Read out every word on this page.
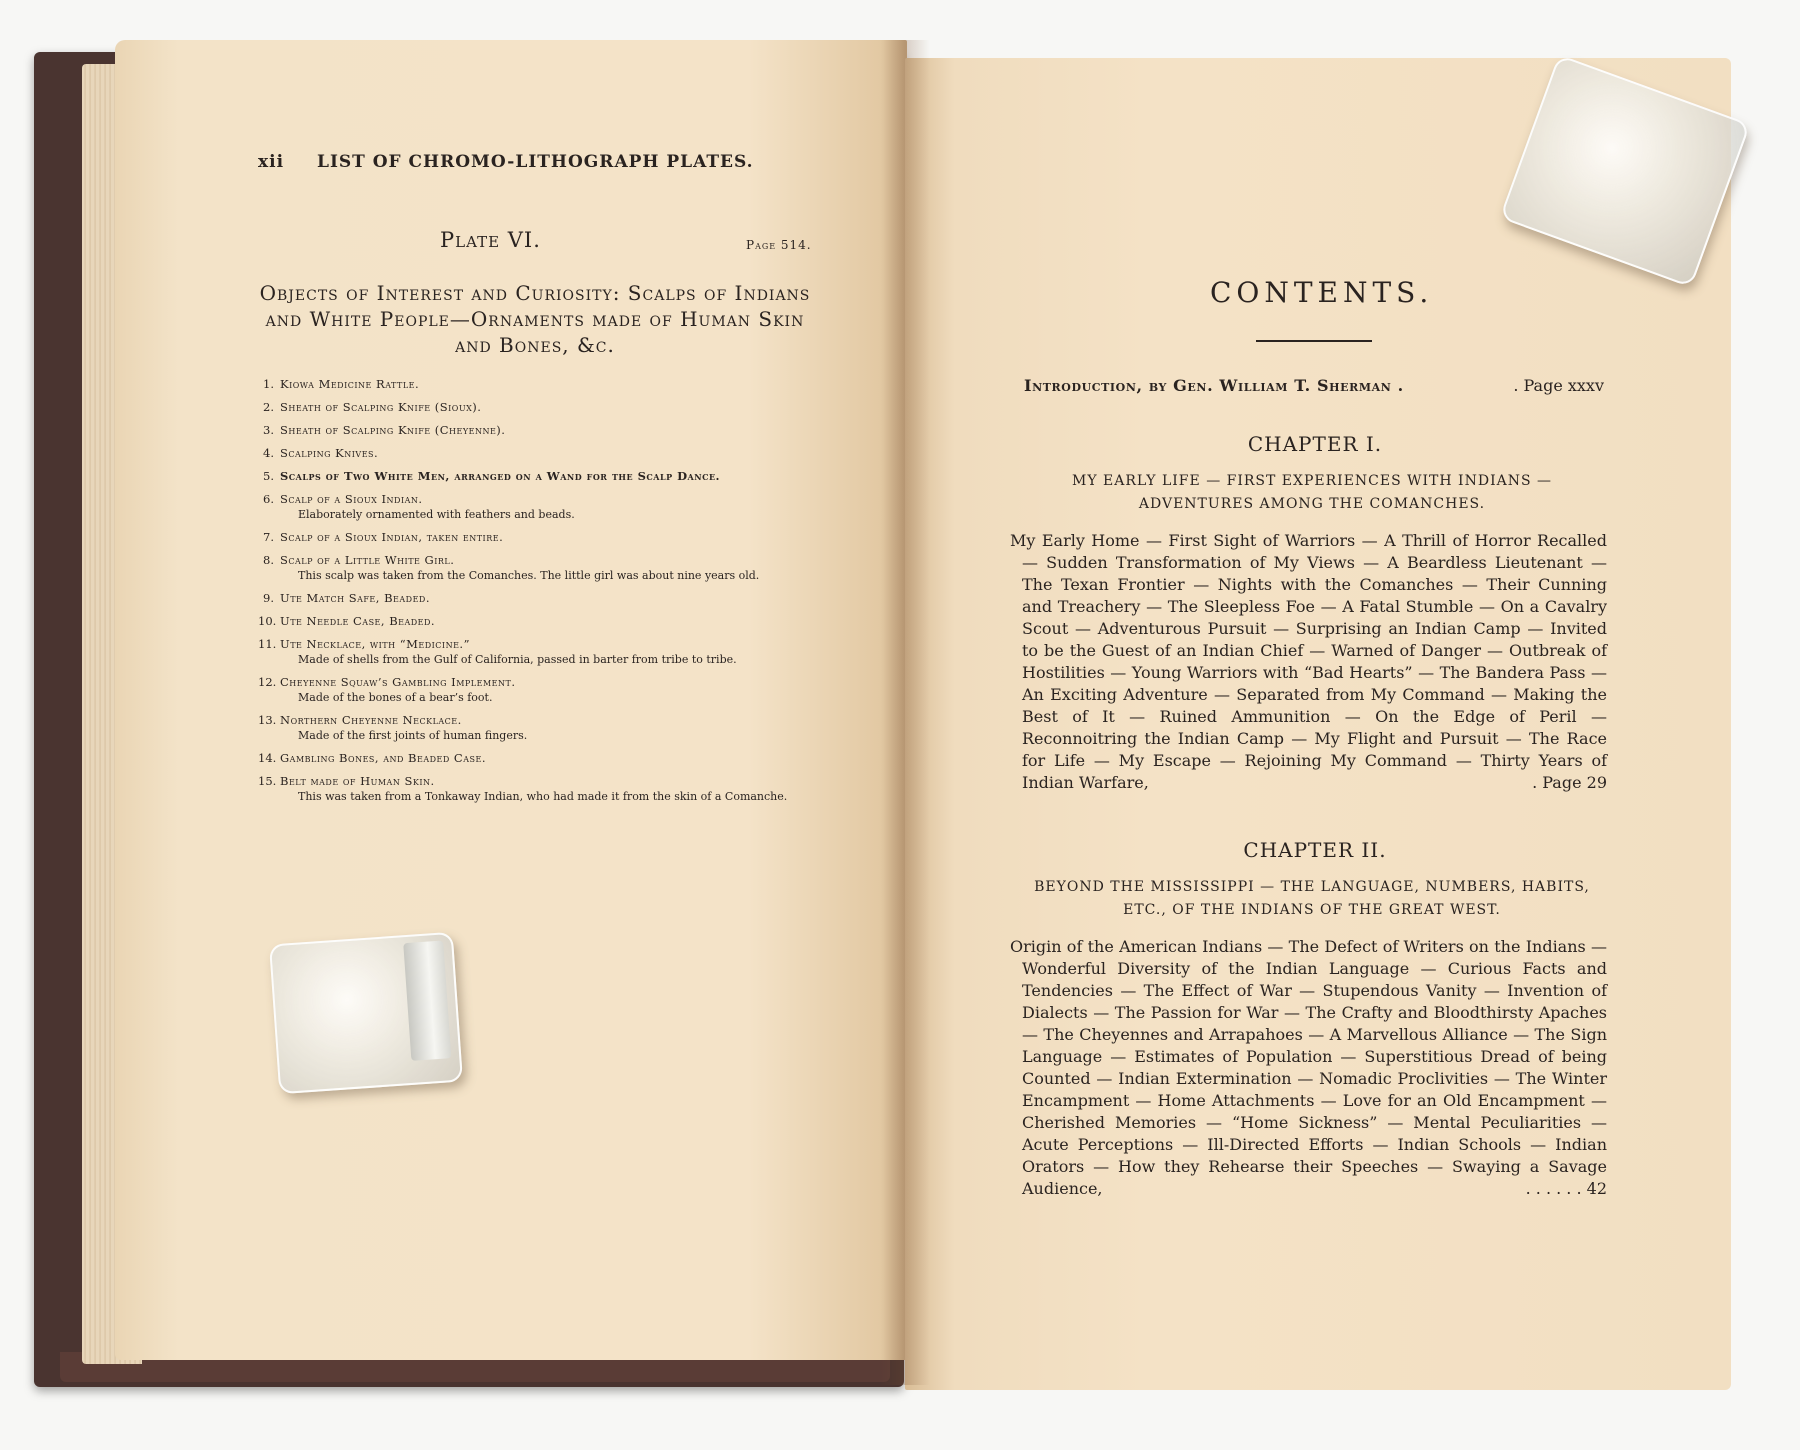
xii LIST OF CHROMO-LITHOGRAPH PLATES.
Plate VI.	Page 514.
Objects of Interest and Curiosity: Scalps of Indians and White People—Ornaments made of Human Skin and Bones, &c.
1. Kiowa Medicine Rattle.
2. Sheath of Scalping Knife (Sioux).
3. Sheath of Scalping Knife (Cheyenne).
4. Scalping Knives.
5. Scalps of Two White Men, arranged on a Wand for the Scalp Dance.
6. Scalp of a Sioux Indian.
Elaborately ornamented with feathers and beads.
7. Scalp of a Sioux Indian, taken entire.
8. Scalp of a Little White Girl.
This scalp was taken from the Comanches. The little girl was about nine years old.
9. Ute Match Safe, Beaded.
10. Ute Needle Case, Beaded.
11. Ute Necklace, with “Medicine.”
Made of shells from the Gulf of California, passed in barter from tribe to tribe.
12. Cheyenne Squaw’s Gambling Implement.
Made of the bones of a bear’s foot.
13. Northern Cheyenne Necklace.
Made of the first joints of human fingers.
14. Gambling Bones, and Beaded Case.
15. Belt made of Human Skin.
This was taken from a Tonkaway Indian, who had made it from the skin of a Comanche.
CONTENTS.
Introduction, by Gen. William T. Sherman .	. Page xxxv
CHAPTER I.
MY EARLY LIFE — FIRST EXPERIENCES WITH INDIANS — ADVENTURES AMONG THE COMANCHES.
My Early Home — First Sight of Warriors — A Thrill of Horror Recalled — Sudden Transformation of My Views — A Beardless Lieutenant — The Texan Frontier — Nights with the Comanches — Their Cunning and Treachery — The Sleepless Foe — A Fatal Stumble — On a Cavalry Scout — Adventurous Pursuit — Surprising an Indian Camp — Invited to be the Guest of an Indian Chief — Warned of Danger — Outbreak of Hostilities — Young Warriors with “Bad Hearts” — The Bandera Pass — An Exciting Adventure — Separated from My Command — Making the Best of It — Ruined Ammunition — On the Edge of Peril — Reconnoitring the Indian Camp — My Flight and Pursuit — The Race for Life — My Escape — Rejoining My Command — Thirty Years of Indian Warfare,	. Page 29
CHAPTER II.
BEYOND THE MISSISSIPPI — THE LANGUAGE, NUMBERS, HABITS, ETC., OF THE INDIANS OF THE GREAT WEST.
Origin of the American Indians — The Defect of Writers on the Indians — Wonderful Diversity of the Indian Language — Curious Facts and Tendencies — The Effect of War — Stupendous Vanity — Invention of Dialects — The Passion for War — The Crafty and Bloodthirsty Apaches — The Cheyennes and Arrapahoes — A Marvellous Alliance — The Sign Language — Estimates of Population — Superstitious Dread of being Counted — Indian Extermination — Nomadic Proclivities — The Winter Encampment — Home Attachments — Love for an Old Encampment — Cherished Memories — “Home Sickness” — Mental Peculiarities — Acute Perceptions — Ill-Directed Efforts — Indian Schools — Indian Orators — How they Rehearse their Speeches — Swaying a Savage Audience,	. . . . . . 42
